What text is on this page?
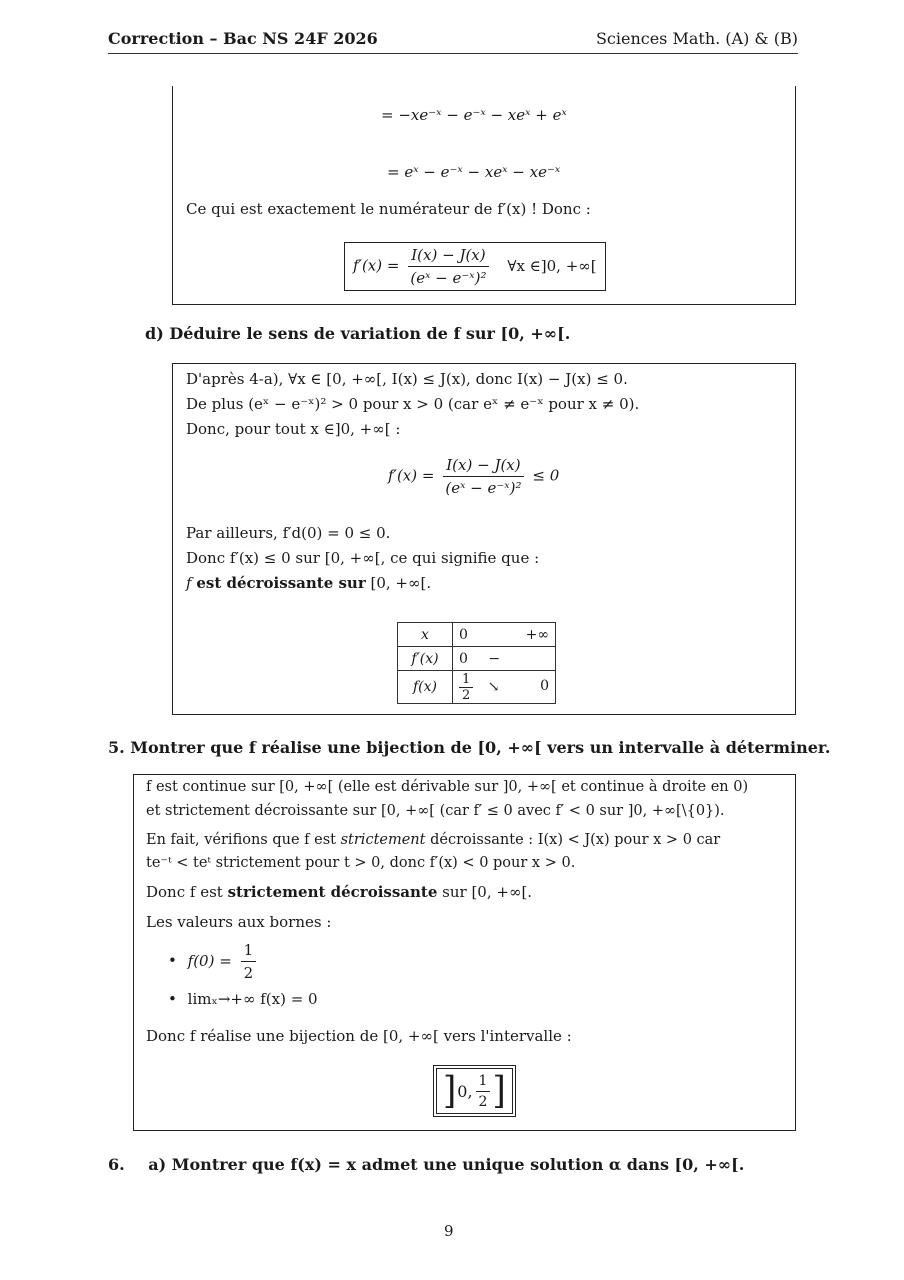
Correction – Bac NS 24F 2026	Sciences Math. (A) & (B)
= −xe⁻ˣ − e⁻ˣ − xeˣ + eˣ
= eˣ − e⁻ˣ − xeˣ − xe⁻ˣ
Ce qui est exactement le numérateur de f′(x) ! Donc :
$f'(x) = \frac{I(x) - J(x)}{\text{(eˣ − e⁻ˣ)²}}$ ∀x ∈]0, +∞[
d) Déduire le sens de variation de f sur [0, +∞[.
D'après 4-a), ∀x ∈ [0, +∞[, I(x) ≤ J(x), donc I(x) − J(x) ≤ 0.
De plus (eˣ − e⁻ˣ)² > 0 pour x > 0 (car eˣ ≠ e⁻ˣ pour x ≠ 0).
Donc, pour tout x ∈]0, +∞[ :
$f'(x) = \frac{I(x) - J(x)}{\text{(eˣ − e⁻ˣ)²}} \le 0$
Par ailleurs, f′d(0) = 0 ≤ 0.
Donc f′(x) ≤ 0 sur [0, +∞[, ce qui signifie que :
f est décroissante sur [0, +∞[.
x	0 +∞

f′(x)	0 −
f(x)	$\frac{1}{2}$ ↘ 0
5. Montrer que f réalise une bijection de [0, +∞[ vers un intervalle à déterminer.
f est continue sur [0, +∞[ (elle est dérivable sur ]0, +∞[ et continue à droite en 0)
et strictement décroissante sur [0, +∞[ (car f′ ≤ 0 avec f′ < 0 sur ]0, +∞[\{0}).
En fait, vérifions que f est strictement décroissante : I(x) < J(x) pour x > 0 car
te⁻ᵗ < teᵗ strictement pour t > 0, donc f′(x) < 0 pour x > 0.
Donc f est strictement décroissante sur [0, +∞[.
Les valeurs aux bornes :
• $f(0) = \frac{1}{2}$
• limₓ→+∞ f(x) = 0
Donc f réalise une bijection de [0, +∞[ vers l'intervalle :
] 0, $\frac{1}{2}$ ]
6. a) Montrer que f(x) = x admet une unique solution α dans [0, +∞[.
9
